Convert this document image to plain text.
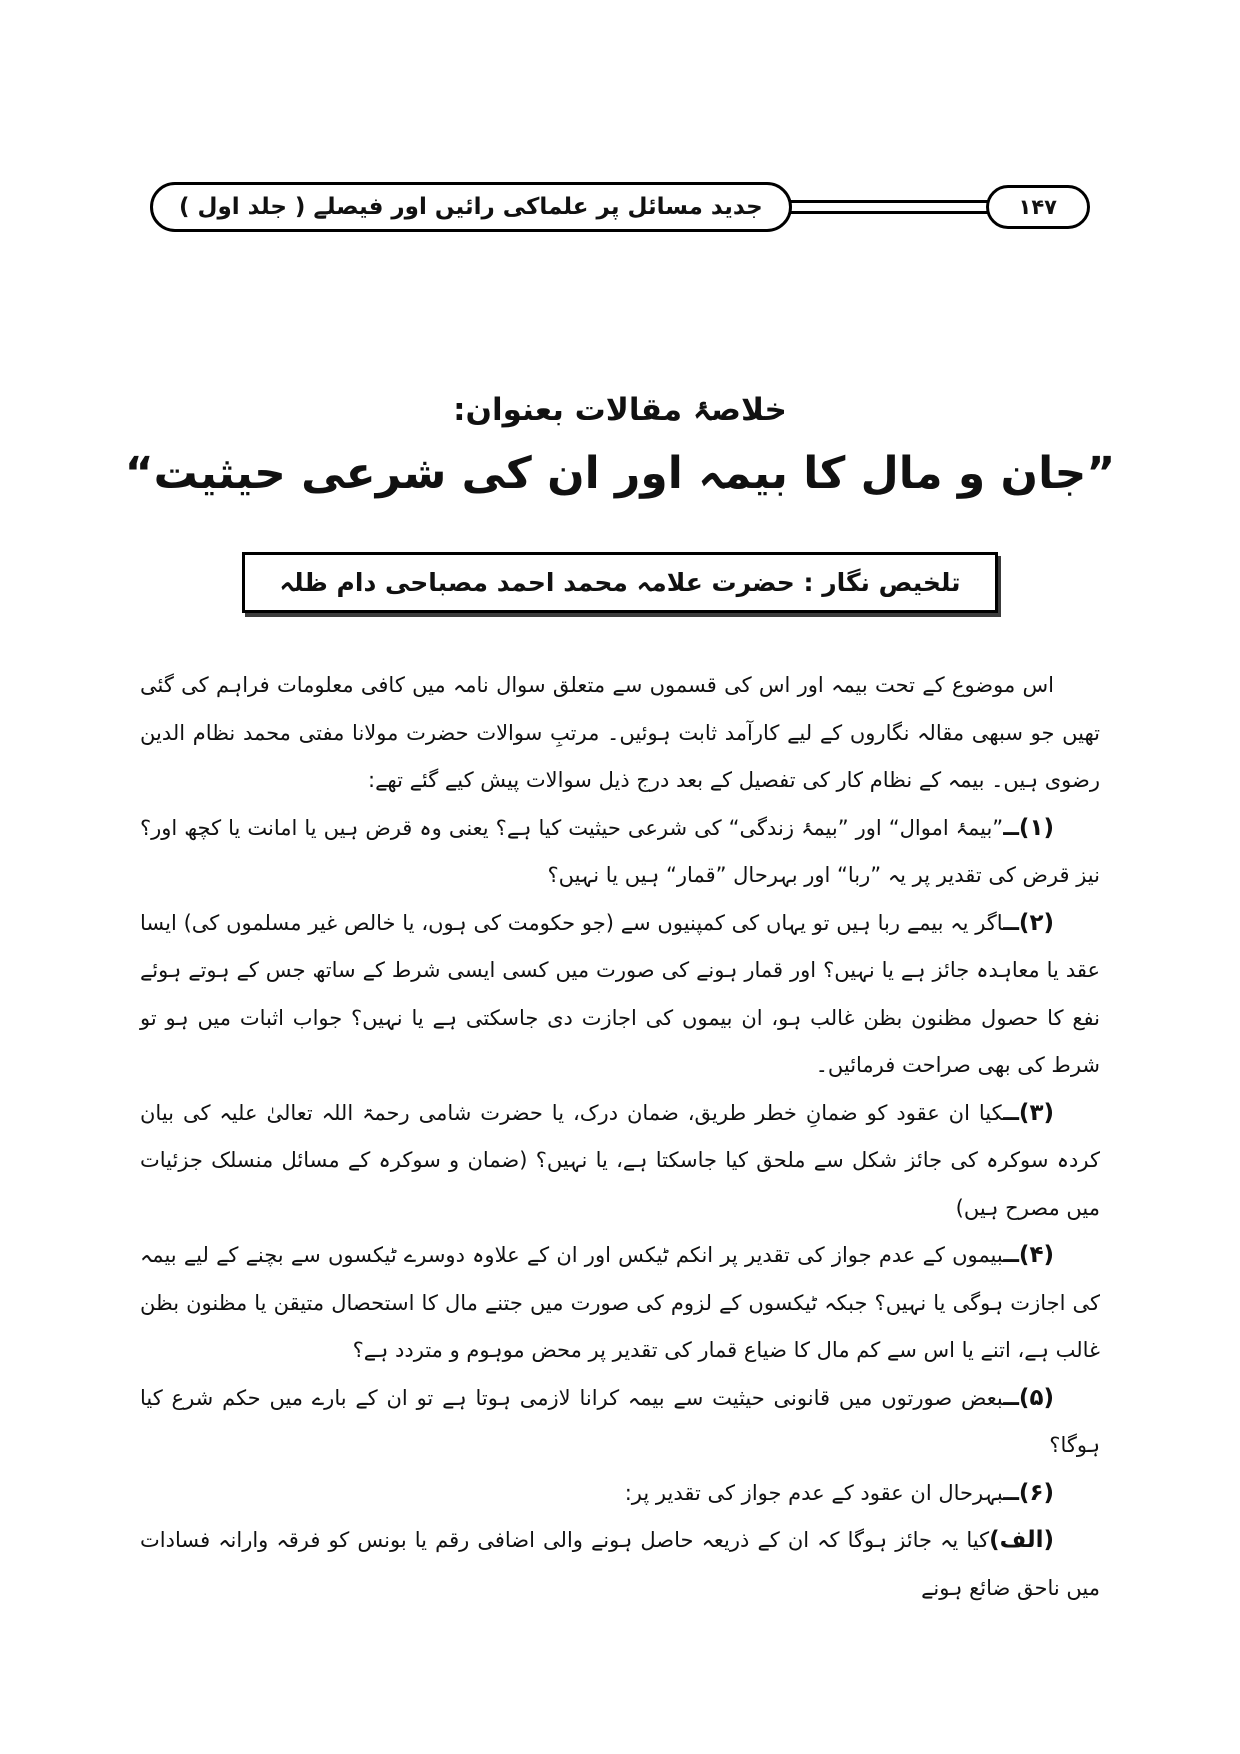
جدید مسائل پر علماکی رائیں اور فیصلے ( جلد اول )	۱۴۷
خلاصۂ مقالات بعنوان:
”جان و مال کا بیمہ اور ان کی شرعی حیثیت“

تلخیص نگار : حضرت علامہ محمد احمد مصباحی دام ظلہ

اس موضوع کے تحت بیمہ اور اس کی قسموں سے متعلق سوال نامہ میں کافی معلومات فراہم کی گئی تھیں جو سبھی مقالہ نگاروں کے لیے کارآمد ثابت ہوئیں۔ مرتبِ سوالات حضرت مولانا مفتی محمد نظام الدین رضوی ہیں۔ بیمہ کے نظام کار کی تفصیل کے بعد درج ذیل سوالات پیش کیے گئے تھے:

(۱)ــ”بیمۂ اموال“ اور ”بیمۂ زندگی“ کی شرعی حیثیت کیا ہے؟ یعنی وہ قرض ہیں یا امانت یا کچھ اور؟ نیز قرض کی تقدیر پر یہ ”ربا“ اور بہرحال ”قمار“ ہیں یا نہیں؟

(۲)ــاگر یہ بیمے ربا ہیں تو یہاں کی کمپنیوں سے (جو حکومت کی ہوں، یا خالص غیر مسلموں کی) ایسا عقد یا معاہدہ جائز ہے یا نہیں؟ اور قمار ہونے کی صورت میں کسی ایسی شرط کے ساتھ جس کے ہوتے ہوئے نفع کا حصول مظنون بظن غالب ہو، ان بیموں کی اجازت دی جاسکتی ہے یا نہیں؟ جواب اثبات میں ہو تو شرط کی بھی صراحت فرمائیں۔

(۳)ــکیا ان عقود کو ضمانِ خطر طریق، ضمان درک، یا حضرت شامی رحمۃ اللہ تعالیٰ علیہ کی بیان کردہ سوکرہ کی جائز شکل سے ملحق کیا جاسکتا ہے، یا نہیں؟ (ضمان و سوکرہ کے مسائل منسلک جزئیات میں مصرح ہیں)

(۴)ــبیموں کے عدم جواز کی تقدیر پر انکم ٹیکس اور ان کے علاوہ دوسرے ٹیکسوں سے بچنے کے لیے بیمہ کی اجازت ہوگی یا نہیں؟ جبکہ ٹیکسوں کے لزوم کی صورت میں جتنے مال کا استحصال متیقن یا مظنون بظن غالب ہے، اتنے یا اس سے کم مال کا ضیاع قمار کی تقدیر پر محض موہوم و متردد ہے؟

(۵)ــبعض صورتوں میں قانونی حیثیت سے بیمہ کرانا لازمی ہوتا ہے تو ان کے بارے میں حکم شرع کیا ہوگا؟

(۶)ــبہرحال ان عقود کے عدم جواز کی تقدیر پر:

(الف)کیا یہ جائز ہوگا کہ ان کے ذریعہ حاصل ہونے والی اضافی رقم یا بونس کو فرقہ وارانہ فسادات میں ناحق ضائع ہونے
